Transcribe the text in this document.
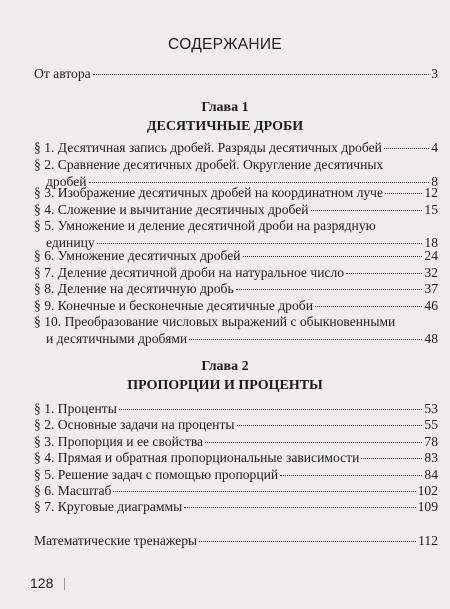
СОДЕРЖАНИЕ
От автора	3
Глава 1
ДЕСЯТИЧНЫЕ ДРОБИ
§ 1. Десятичная запись дробей. Разряды десятичных дробей	4
§ 2. Сравнение десятичных дробей. Округление десятичных
дробей	8
§ 3. Изображение десятичных дробей на координатном луче	12
§ 4. Сложение и вычитание десятичных дробей	15
§ 5. Умножение и деление десятичной дроби на разрядную
единицу	18
§ 6. Умножение десятичных дробей	24
§ 7. Деление десятичной дроби на натуральное число	32
§ 8. Деление на десятичную дробь	37
§ 9. Конечные и бесконечные десятичные дроби	46
§ 10. Преобразование числовых выражений с обыкновенными
и десятичными дробями	48
Глава 2
ПРОПОРЦИИ И ПРОЦЕНТЫ
§ 1. Проценты	53
§ 2. Основные задачи на проценты	55
§ 3. Пропорция и ее свойства	78
§ 4. Прямая и обратная пропорциональные зависимости	83
§ 5. Решение задач с помощью пропорций	84
§ 6. Масштаб	102
§ 7. Круговые диаграммы	109
Математические тренажеры	112
128
